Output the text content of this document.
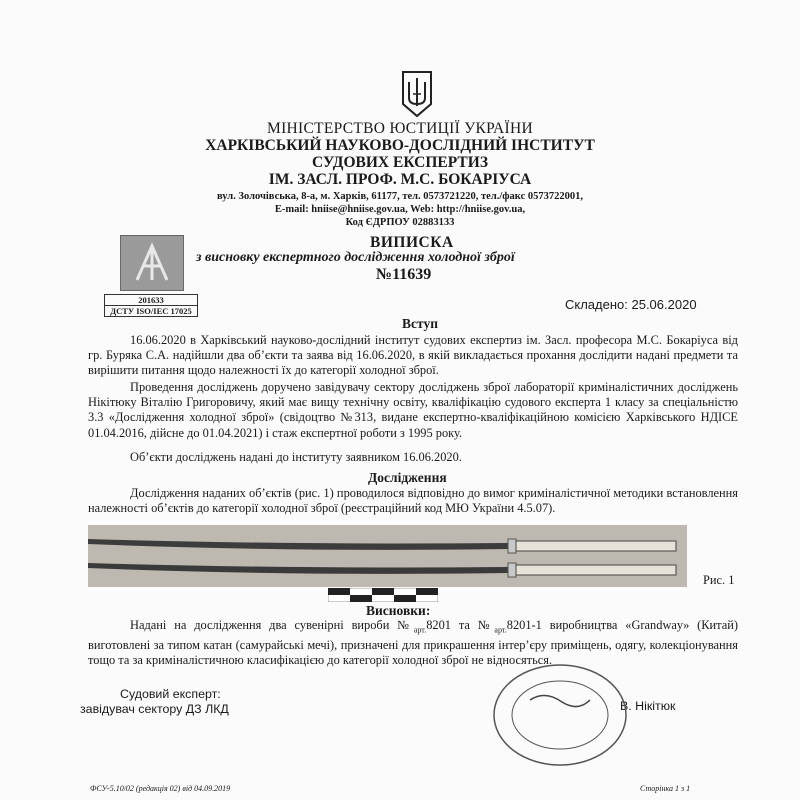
МІНІСТЕРСТВО ЮСТИЦІЇ УКРАЇНИ
ХАРКІВСЬКИЙ НАУКОВО-ДОСЛІДНИЙ ІНСТИТУТ
СУДОВИХ ЕКСПЕРТИЗ
ІМ. ЗАСЛ. ПРОФ. М.С. БОКАРІУСА
вул. Золочівська, 8-а, м. Харків, 61177, тел. 0573721220, тел./факс 0573722001,
E-mail: hniise@hniise.gov.ua, Web: http://hniise.gov.ua,
Код ЄДРПОУ 02883133
201633
ДСТУ ISO/IEC 17025
ВИПИСКА
з висновку експертного дослідження холодної зброї
№11639
Складено: 25.06.2020
Вступ
16.06.2020 в Харківський науково-дослідний інститут судових експертиз ім. Засл. професора М.С. Бокаріуса від гр. Буряка С.А. надійшли два об’єкти та заява від 16.06.2020, в якій викладається прохання дослідити надані предмети та вирішити питання щодо належності їх до категорії холодної зброї.
Проведення досліджень доручено завідувачу сектору досліджень зброї лабораторії криміналістичних досліджень Нікітюку Віталію Григоровичу, який має вищу технічну освіту, кваліфікацію судового експерта 1 класу за спеціальністю 3.3 «Дослідження холодної зброї» (свідоцтво №313, видане експертно-кваліфікаційною комісією Харківського НДІСЕ 01.04.2016, дійсне до 01.04.2021) і стаж експертної роботи з 1995 року.
Об’єкти досліджень надані до інституту заявником 16.06.2020.
Дослідження
Дослідження наданих об’єктів (рис. 1) проводилося відповідно до вимог криміналістичної методики встановлення належності об’єктів до категорії холодної зброї (реєстраційний код МЮ України 4.5.07).
Рис. 1
Висновки:
Надані на дослідження два сувенірні вироби $№_{арт.}8201$ та $№_{арт.}8201-1$ виробництва «Grandway» (Китай) виготовлені за типом катан (самурайські мечі), призначені для прикрашення інтер’єру приміщень, одягу, колекціонування тощо та за криміналістичною класифікацією до категорії холодної зброї не відносяться.
Судовий експерт:
завідувач сектору ДЗ ЛКД	В. Нікітюк
ФСУ-5.10/02 (редакція 02) від 04.09.2019	Сторінка 1 з 1
